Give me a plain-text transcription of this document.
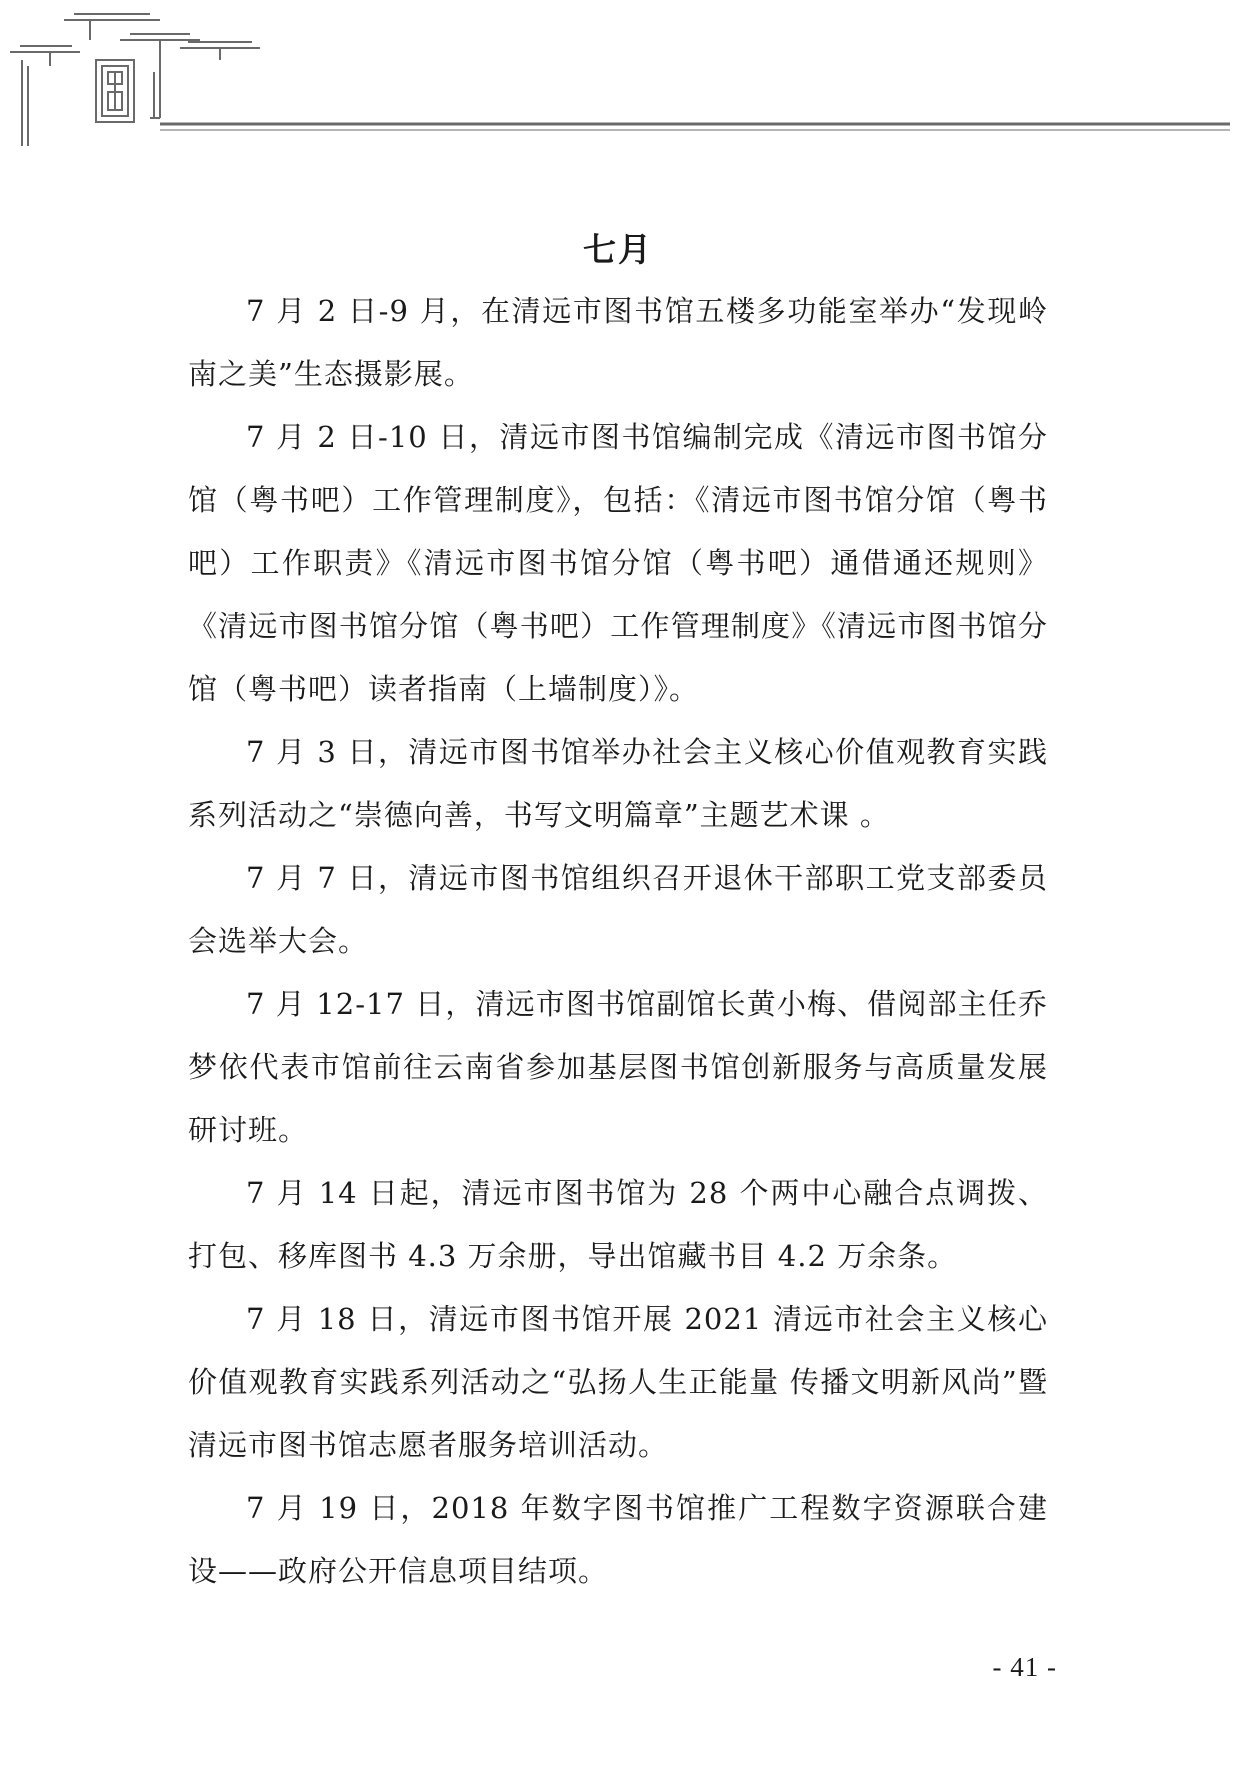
七月

7 月 2 日-9 月，在清远市图书馆五楼多功能室举办“发现岭南之美”生态摄影展。

7 月 2 日-10 日，清远市图书馆编制完成《清远市图书馆分馆（粤书吧）工作管理制度》，包括：《清远市图书馆分馆（粤书吧）工作职责》《清远市图书馆分馆（粤书吧）通借通还规则》《清远市图书馆分馆（粤书吧）工作管理制度》《清远市图书馆分馆（粤书吧）读者指南（上墙制度）》。

7 月 3 日，清远市图书馆举办社会主义核心价值观教育实践系列活动之“崇德向善，书写文明篇章”主题艺术课 。

7 月 7 日，清远市图书馆组织召开退休干部职工党支部委员会选举大会。

7 月 12-17 日，清远市图书馆副馆长黄小梅、借阅部主任乔梦依代表市馆前往云南省参加基层图书馆创新服务与高质量发展研讨班。

7 月 14 日起，清远市图书馆为 28 个两中心融合点调拨、打包、移库图书 4.3 万余册，导出馆藏书目 4.2 万余条。

7 月 18 日，清远市图书馆开展 2021 清远市社会主义核心价值观教育实践系列活动之“弘扬人生正能量 传播文明新风尚”暨清远市图书馆志愿者服务培训活动。

7 月 19 日，2018 年数字图书馆推广工程数字资源联合建设——政府公开信息项目结项。

- 41 -
